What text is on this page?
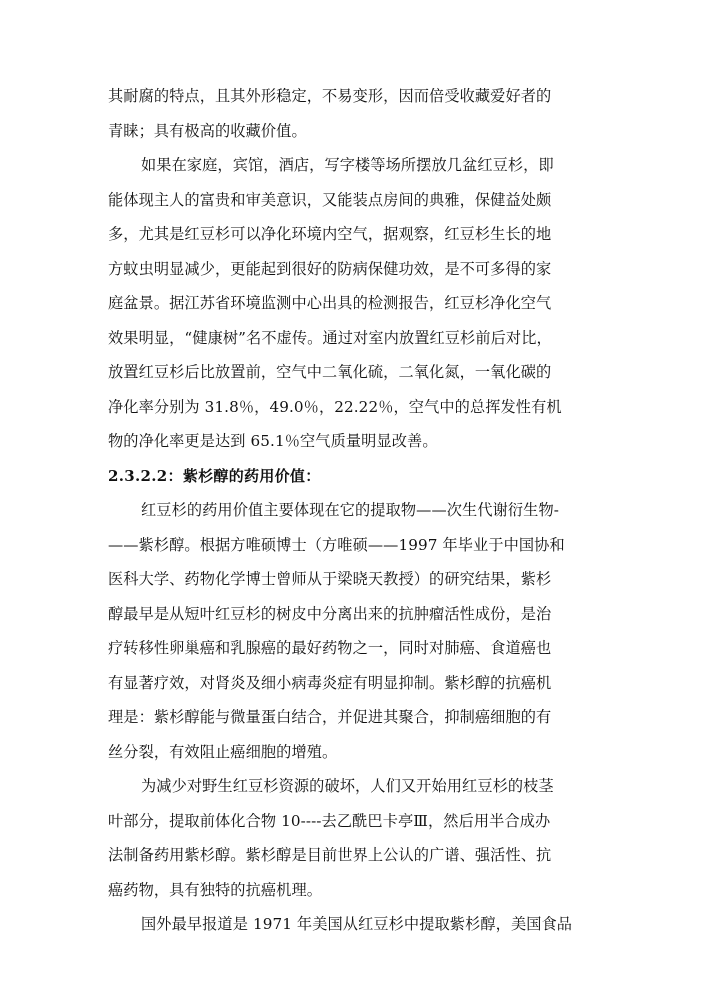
其耐腐的特点，且其外形稳定，不易变形，因而倍受收藏爱好者的
青睐；具有极高的收藏价值。
如果在家庭，宾馆，酒店，写字楼等场所摆放几盆红豆杉，即
能体现主人的富贵和审美意识，又能装点房间的典雅，保健益处颇
多，尤其是红豆杉可以净化环境内空气，据观察，红豆杉生长的地
方蚊虫明显减少，更能起到很好的防病保健功效，是不可多得的家
庭盆景。据江苏省环境监测中心出具的检测报告，红豆杉净化空气
效果明显，“健康树”名不虚传。通过对室内放置红豆杉前后对比，
放置红豆杉后比放置前，空气中二氧化硫，二氧化氮，一氧化碳的
净化率分别为 31.8％，49.0％，22.22％，空气中的总挥发性有机
物的净化率更是达到 65.1％空气质量明显改善。
2.3.2.2：紫杉醇的药用价值：
红豆杉的药用价值主要体现在它的提取物——次生代谢衍生物-
——紫杉醇。根据方唯硕博士（方唯硕——1997 年毕业于中国协和
医科大学、药物化学博士曾师从于梁晓天教授）的研究结果，紫杉
醇最早是从短叶红豆杉的树皮中分离出来的抗肿瘤活性成份，是治
疗转移性卵巢癌和乳腺癌的最好药物之一，同时对肺癌、食道癌也
有显著疗效，对肾炎及细小病毒炎症有明显抑制。紫杉醇的抗癌机
理是：紫杉醇能与微量蛋白结合，并促进其聚合，抑制癌细胞的有
丝分裂，有效阻止癌细胞的增殖。
为减少对野生红豆杉资源的破坏，人们又开始用红豆杉的枝茎
叶部分，提取前体化合物 10----去乙酰巴卡亭Ⅲ，然后用半合成办
法制备药用紫杉醇。紫杉醇是目前世界上公认的广谱、强活性、抗
癌药物，具有独特的抗癌机理。
国外最早报道是 1971 年美国从红豆杉中提取紫杉醇，美国食品
